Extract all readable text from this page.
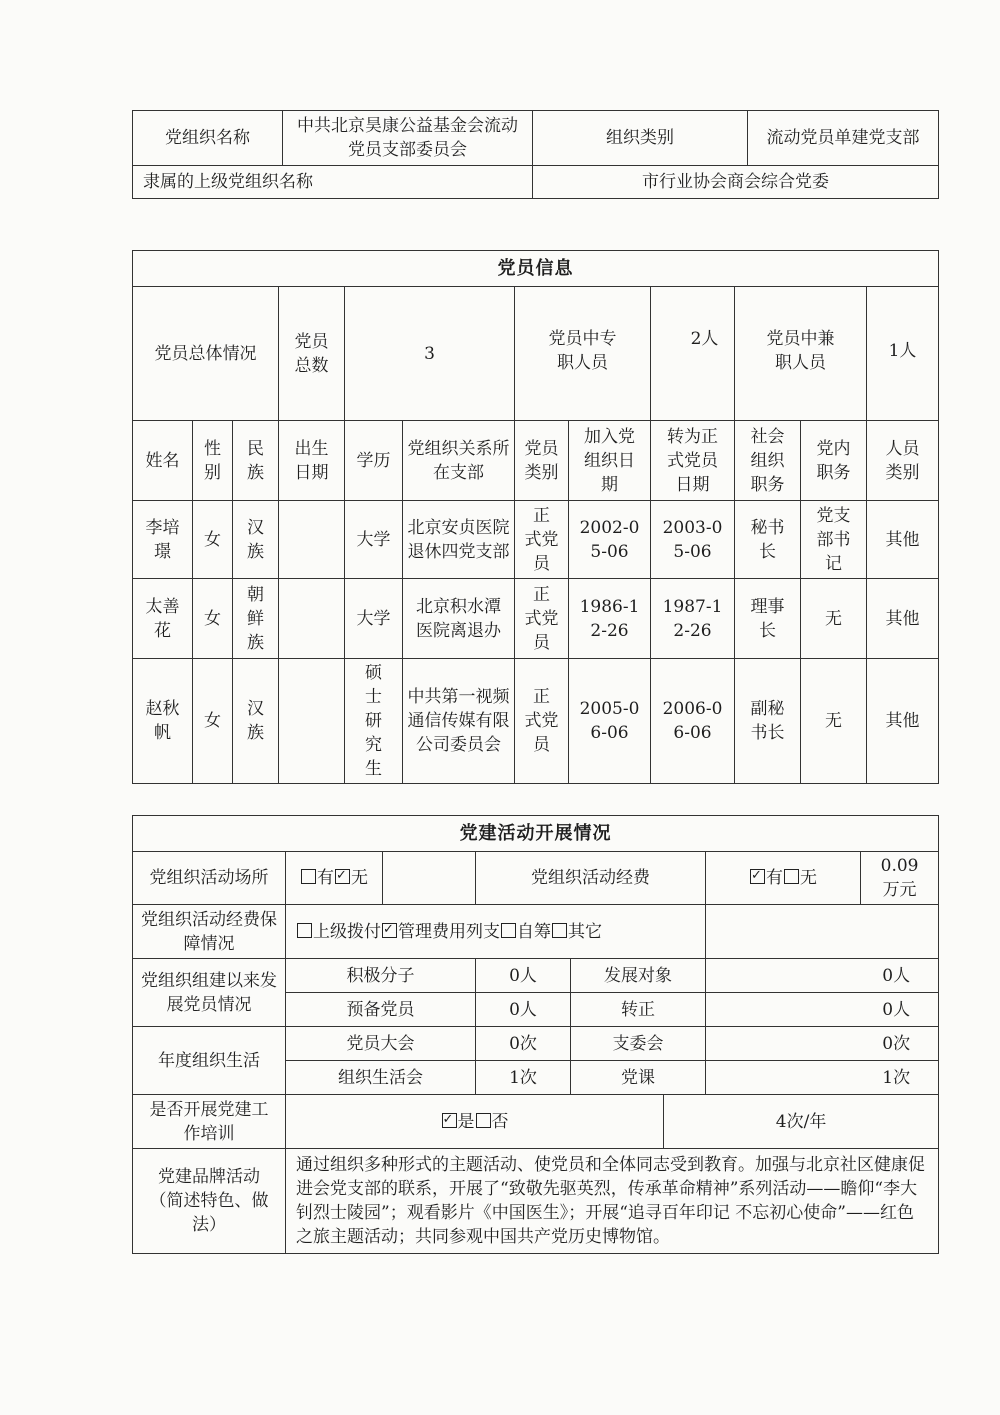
党组织名称	中共北京昊康公益基金会流动党员支部委员会	组织类别	流动党员单建党支部
隶属的上级党组织名称		市行业协会商会综合党委	
党员信息											
党员总体情况			党员总数	3		党员中专职人员		2人	党员中兼职人员		1人
姓名	性别	民族	出生日期	学历	党组织关系所在支部	党员类别	加入党组织日期	转为正式党员日期	社会组织职务	党内职务	人员类别
李培璟	女	汉族		大学	北京安贞医院退休四党支部	正 式党员	2002-05-06	2003-05-06	秘书长	党支部书记	其他
太善花	女	朝鲜族		大学	北京积水潭医院离退办	正 式党员	1986-12-26	1987-12-26	理事长	无	其他
赵秋帆	女	汉族		硕士研究生	中共第一视频通信传媒有限公司委员会	正 式党员	2005-06-06	2006-06-06	副秘书长	无	其他
党建活动开展情况							
党组织活动场所	有 ✓ 无		党组织活动经费	✓有 无	0.09万元
党组织活动经费保障情况	上级拨付 ✓ 管理费用列支 自筹 其它	
党组织组建以来发展党员情况	积极分子		0人	发展对象		0人	
	预备党员		0人	转正		0人	
年度组织生活	党员大会		0次	支委会		0次	
	组织生活会		1次	党课		1次	
是否开展党建工作培训	✓是 否				4次/年		
党建品牌活动（简述特色、做法）	通过组织多种形式的主题活动、使党员和全体同志受到教育。加强与北京社区健康促进会党支部的联系，开展了“致敬先驱英烈，传承革命精神”系列活动——瞻仰“李大钊烈士陵园”；观看影片《中国医生》；开展“追寻百年印记 不忘初心使命”——红色之旅主题活动；共同参观中国共产党历史博物馆。						
